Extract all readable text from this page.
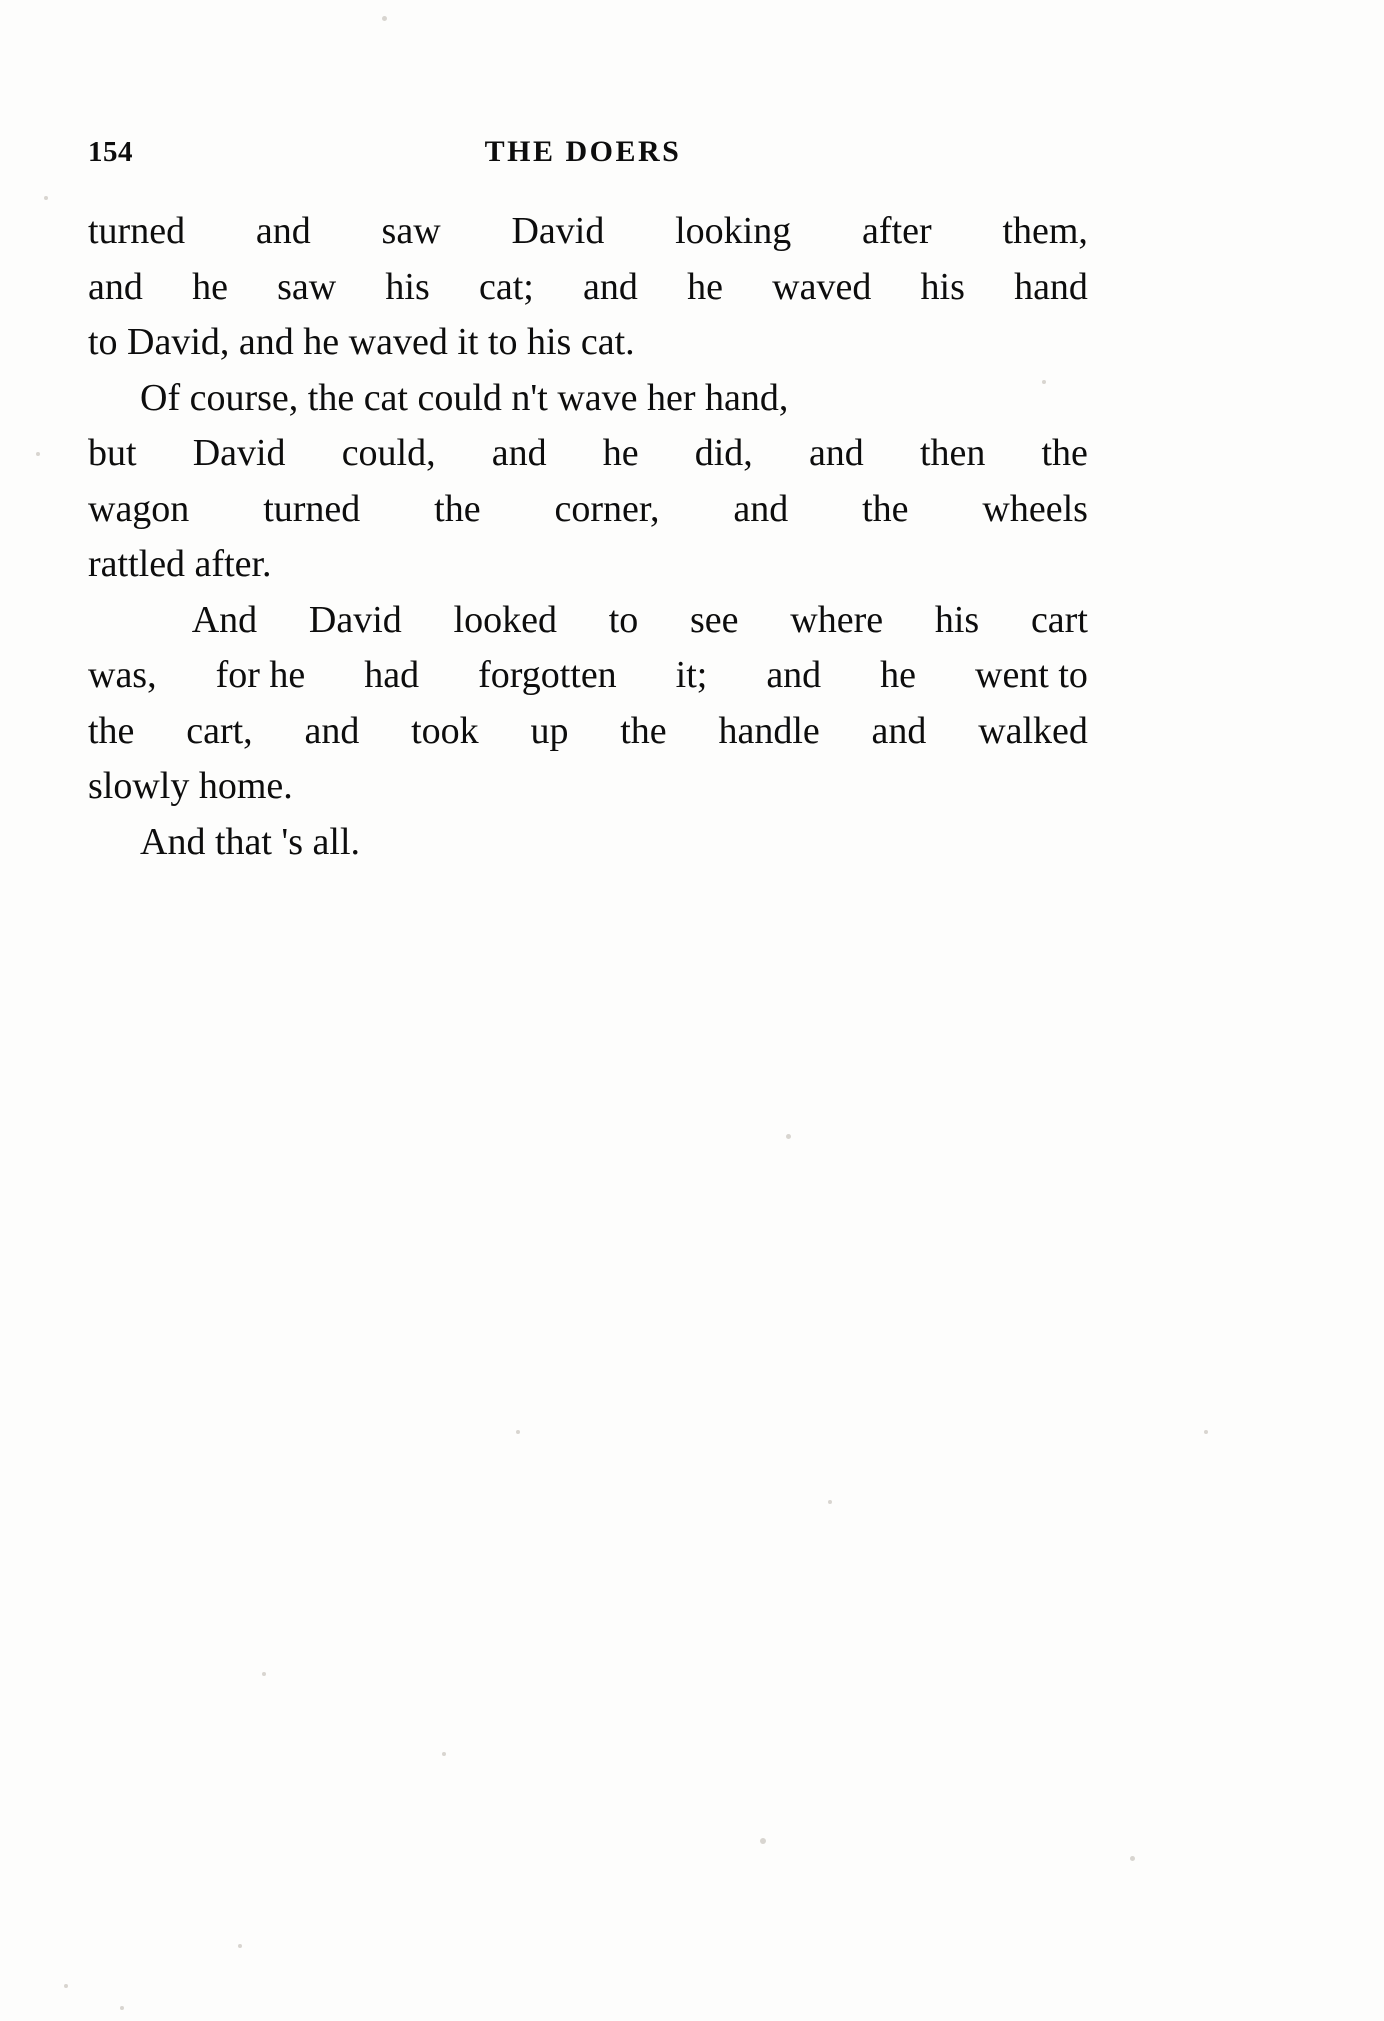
154	THE DOERS

turned and saw David looking after them,
and he saw his cat; and he waved his hand
to David, and he waved it to his cat.

Of course, the cat could n't wave her hand,
but David could, and he did, and then the
wagon turned the corner, and the wheels
rattled after.

And David looked to see where his cart
was, for he had forgotten it; and he went to
the cart, and took up the handle and walked
slowly home.

And that 's all.
